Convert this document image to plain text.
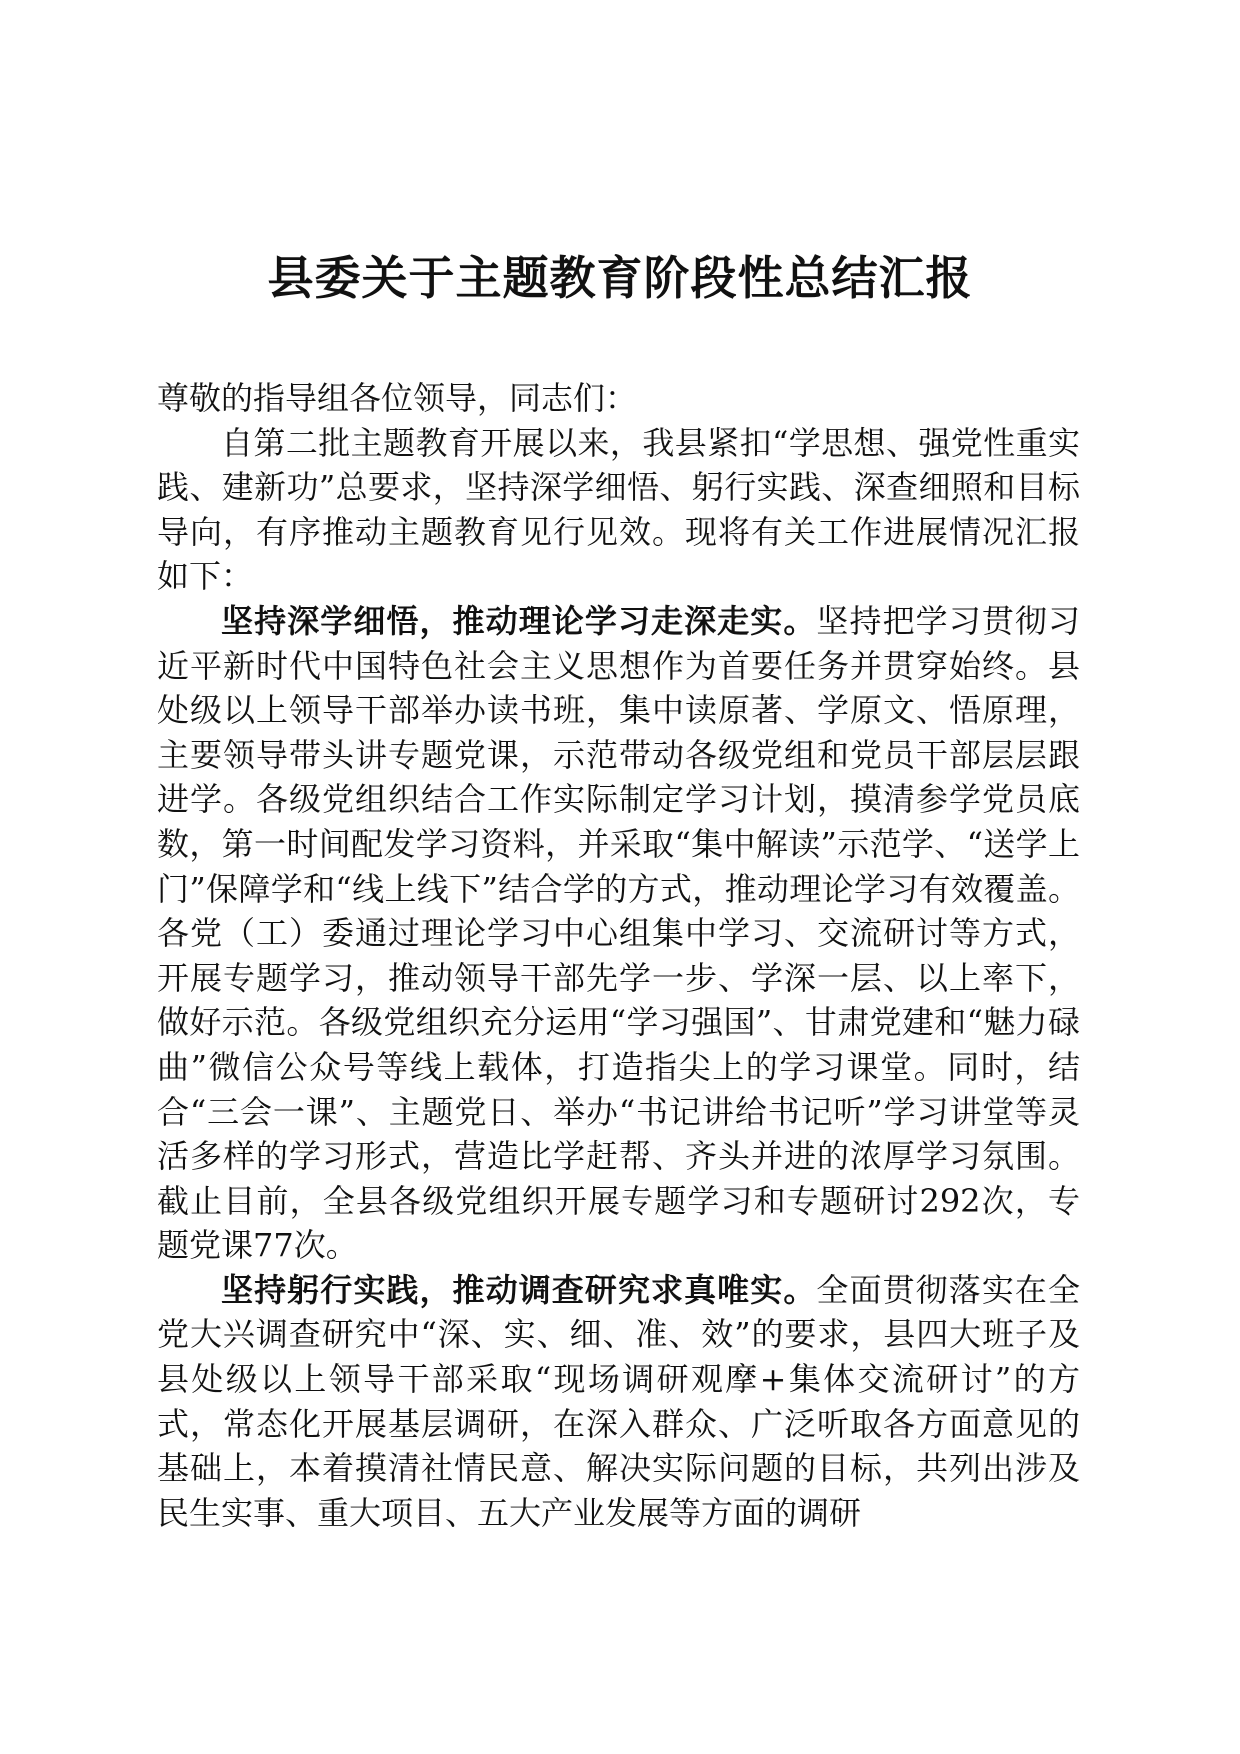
县委关于主题教育阶段性总结汇报

尊敬的指导组各位领导，同志们：

自第二批主题教育开展以来，我县紧扣“学思想、强党性重实践、建新功”总要求，坚持深学细悟、躬行实践、深查细照和目标导向，有序推动主题教育见行见效。现将有关工作进展情况汇报如下：

坚持深学细悟，推动理论学习走深走实。坚持把学习贯彻习近平新时代中国特色社会主义思想作为首要任务并贯穿始终。县处级以上领导干部举办读书班，集中读原著、学原文、悟原理，主要领导带头讲专题党课，示范带动各级党组和党员干部层层跟进学。各级党组织结合工作实际制定学习计划，摸清参学党员底数，第一时间配发学习资料，并采取“集中解读”示范学、“送学上门”保障学和“线上线下”结合学的方式，推动理论学习有效覆盖。各党（工）委通过理论学习中心组集中学习、交流研讨等方式，开展专题学习，推动领导干部先学一步、学深一层、以上率下，做好示范。各级党组织充分运用“学习强国”、甘肃党建和“魅力碌曲”微信公众号等线上载体，打造指尖上的学习课堂。同时，结合“三会一课”、主题党日、举办“书记讲给书记听”学习讲堂等灵活多样的学习形式，营造比学赶帮、齐头并进的浓厚学习氛围。截止目前，全县各级党组织开展专题学习和专题研讨292次，专题党课77次。

坚持躬行实践，推动调查研究求真唯实。全面贯彻落实在全党大兴调查研究中“深、实、细、准、效”的要求，县四大班子及县处级以上领导干部采取“现场调研观摩+集体交流研讨”的方式，常态化开展基层调研，在深入群众、广泛听取各方面意见的基础上，本着摸清社情民意、解决实际问题的目标，共列出涉及民生实事、重大项目、五大产业发展等方面的调研
